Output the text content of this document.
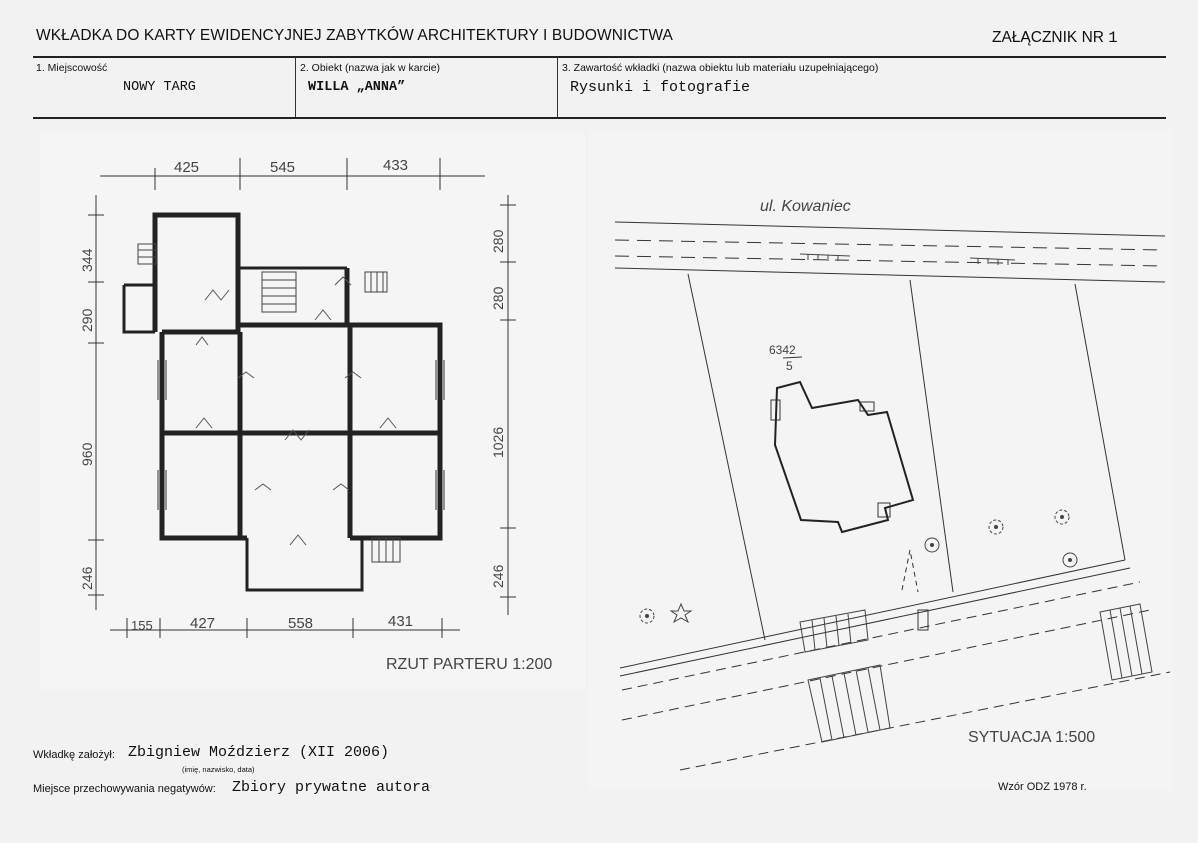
WKŁADKA DO KARTY EWIDENCYJNEJ ZABYTKÓW ARCHITEKTURY I BUDOWNICTWA	ZAŁĄCZNIK NR 1
1. Miejscowość
NOWY TARG
2. Obiekt (nazwa jak w karcie)
WILLA „ANNA”
3. Zawartość wkładki (nazwa obiektu lub materiału uzupełniającego)
Rysunki i fotografie
425	545	433
155 427	558	431
344
290
960
246
280
280
1026
246
RZUT PARTERU 1:200
ul. Kowaniec
6342
5
SYTUACJA 1:500
Wkładkę założył: Zbigniew Moździerz (XII 2006)
(imię, nazwisko, data)
Miejsce przechowywania negatywów: Zbiory prywatne autora	Wzór ODZ 1978 r.
